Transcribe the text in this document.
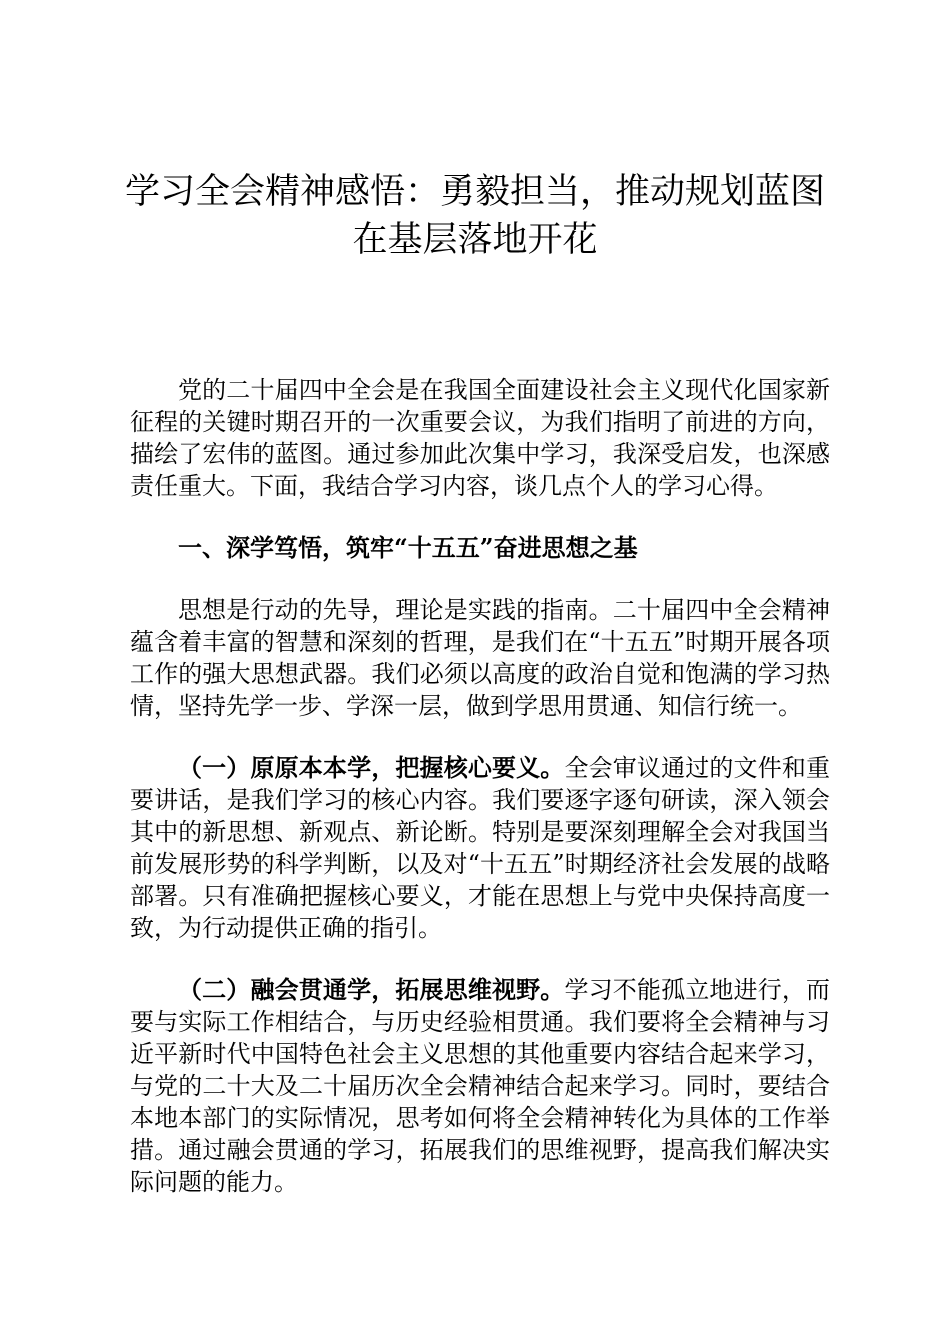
学习全会精神感悟：勇毅担当，推动规划蓝图
在基层落地开花

党的二十届四中全会是在我国全面建设社会主义现代化国家新征程的关键时期召开的一次重要会议，为我们指明了前进的方向，描绘了宏伟的蓝图。通过参加此次集中学习，我深受启发，也深感责任重大。下面，我结合学习内容，谈几点个人的学习心得。

一、深学笃悟，筑牢“十五五”奋进思想之基

思想是行动的先导，理论是实践的指南。二十届四中全会精神蕴含着丰富的智慧和深刻的哲理，是我们在“十五五”时期开展各项工作的强大思想武器。我们必须以高度的政治自觉和饱满的学习热情，坚持先学一步、学深一层，做到学思用贯通、知信行统一。

（一）原原本本学，把握核心要义。全会审议通过的文件和重要讲话，是我们学习的核心内容。我们要逐字逐句研读，深入领会其中的新思想、新观点、新论断。特别是要深刻理解全会对我国当前发展形势的科学判断，以及对“十五五”时期经济社会发展的战略部署。只有准确把握核心要义，才能在思想上与党中央保持高度一致，为行动提供正确的指引。

（二）融会贯通学，拓展思维视野。学习不能孤立地进行，而要与实际工作相结合，与历史经验相贯通。我们要将全会精神与习近平新时代中国特色社会主义思想的其他重要内容结合起来学习，与党的二十大及二十届历次全会精神结合起来学习。同时，要结合本地本部门的实际情况，思考如何将全会精神转化为具体的工作举措。通过融会贯通的学习，拓展我们的思维视野，提高我们解决实际问题的能力。
